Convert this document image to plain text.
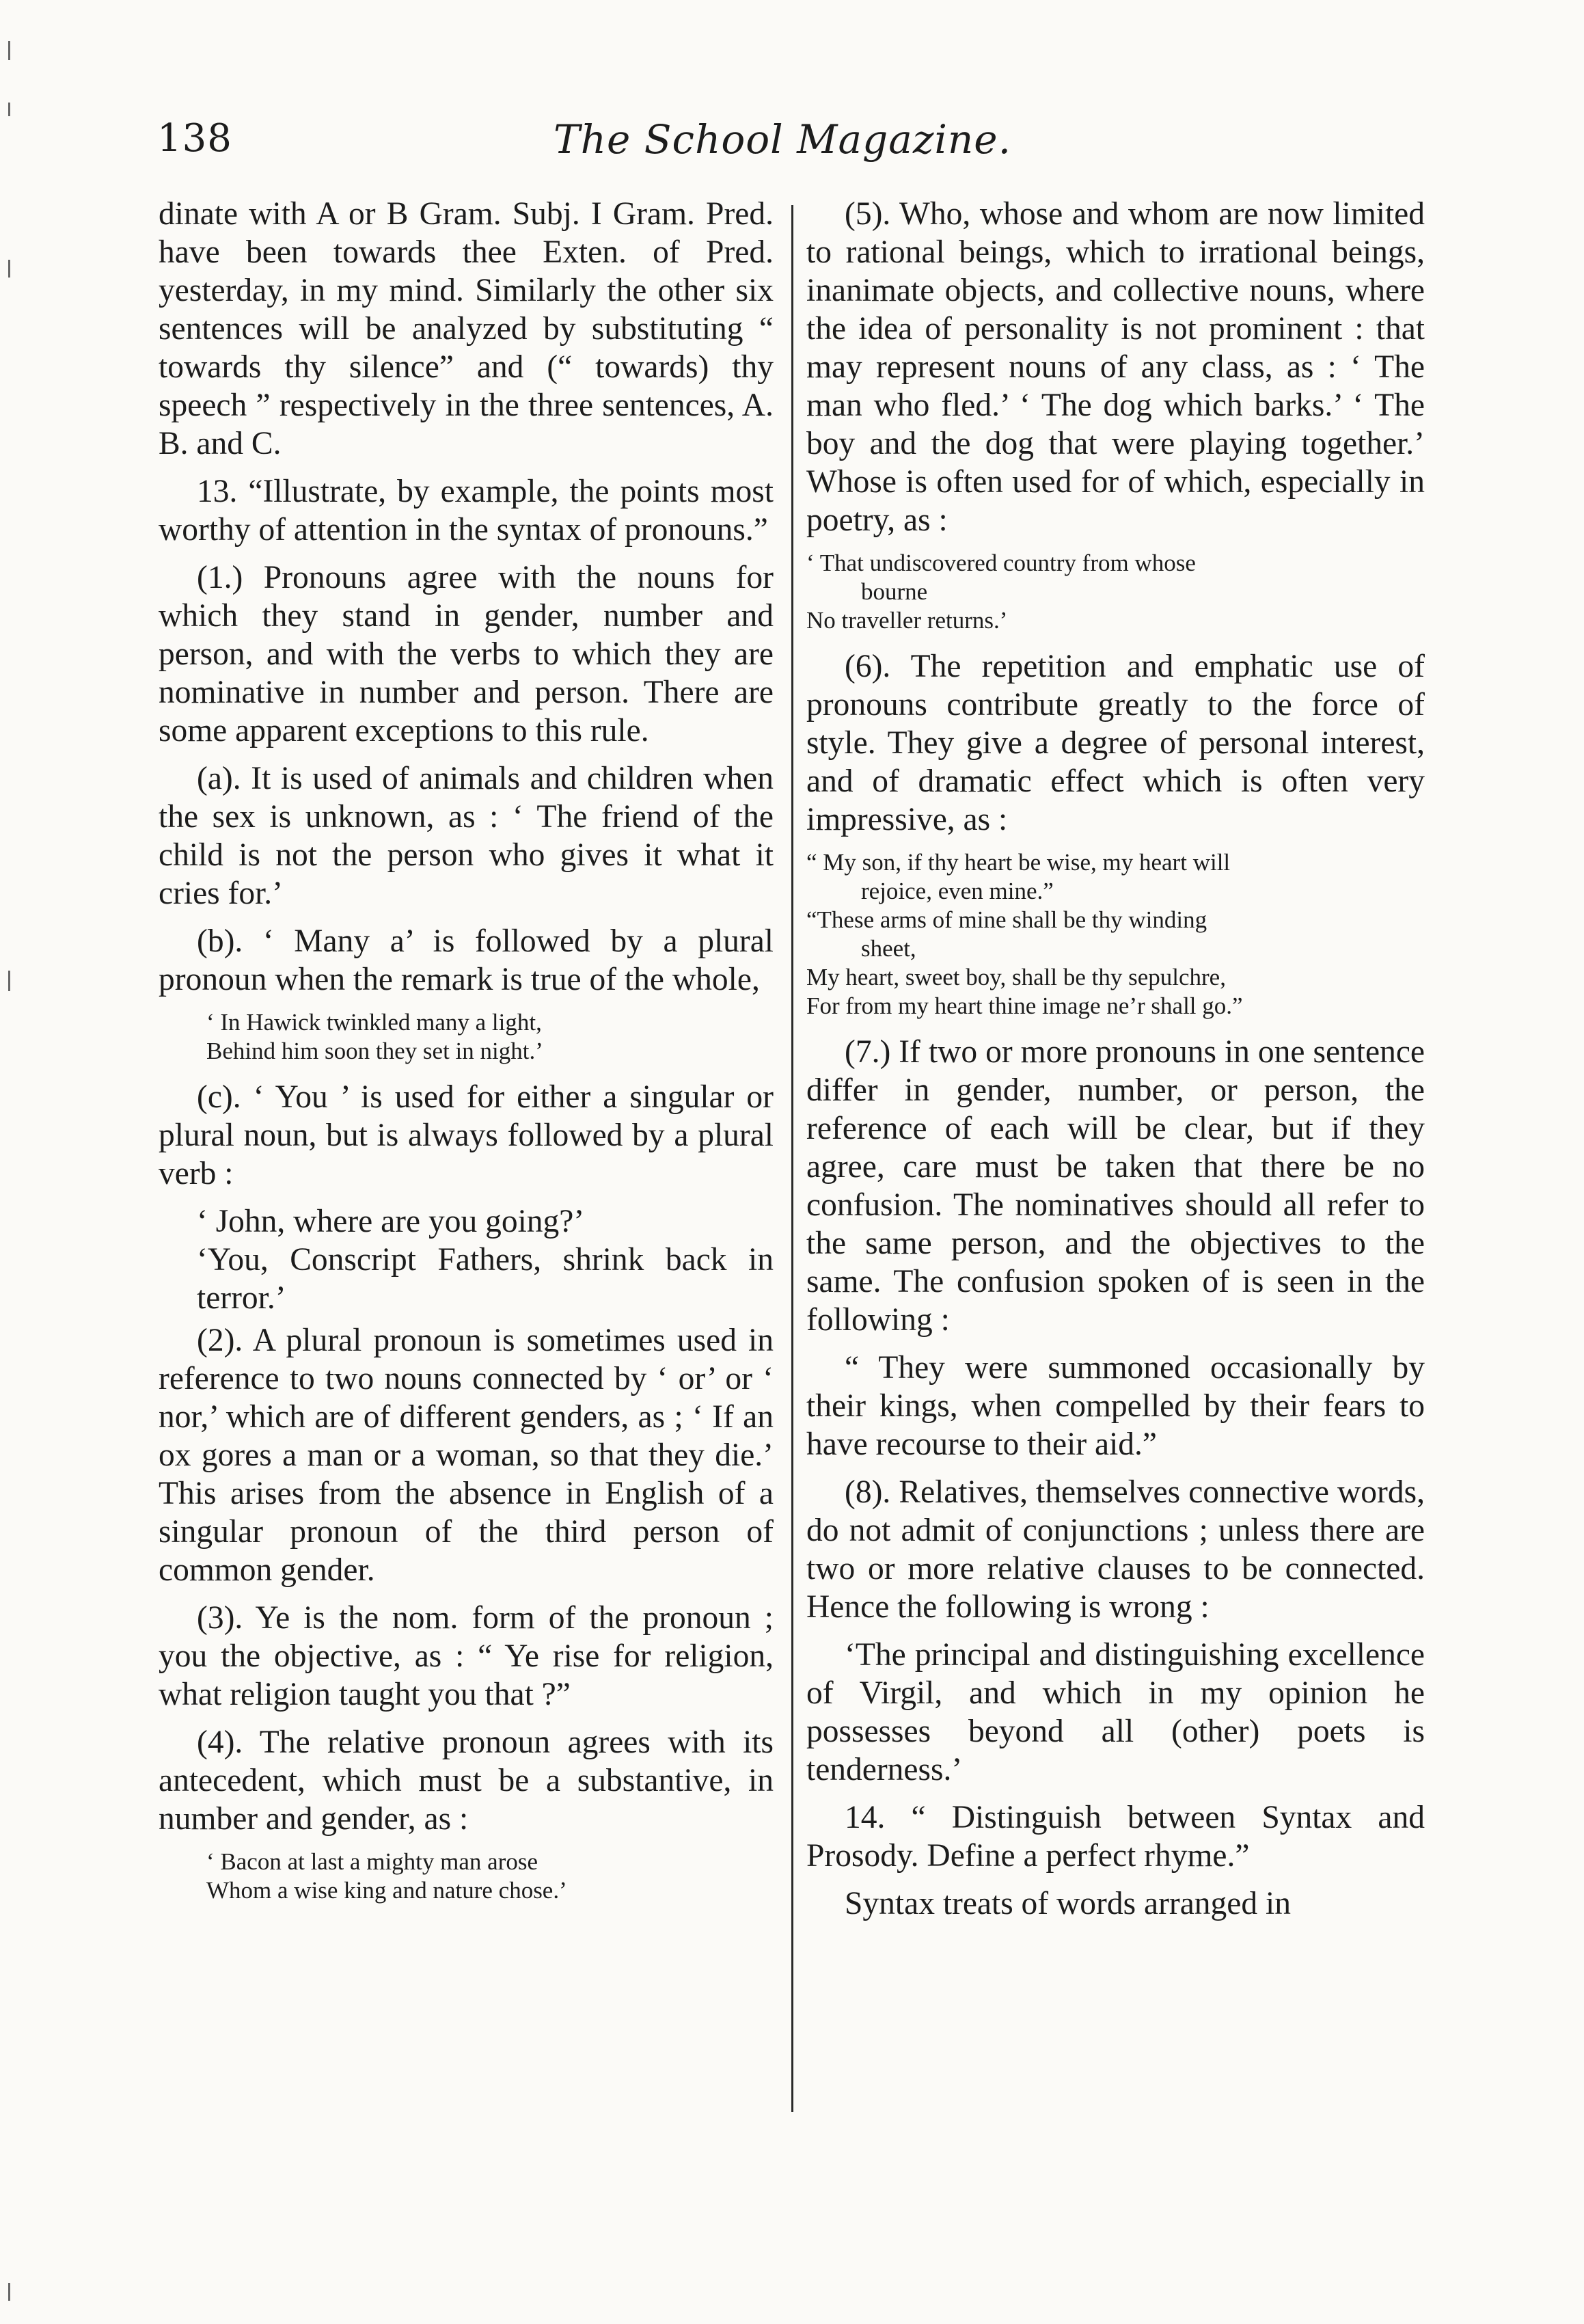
138	The School Magazine.

dinate with A or B Gram. Subj. I Gram. Pred. have been towards thee Exten. of Pred. yesterday, in my mind. Similarly the other six sentences will be analyzed by substituting “ towards thy silence” and (“ towards) thy speech ” respectively in the three sentences, A. B. and C.

13. “Illustrate, by example, the points most worthy of attention in the syntax of pronouns.”

(1.) Pronouns agree with the nouns for which they stand in gender, number and person, and with the verbs to which they are nominative in number and person. There are some apparent exceptions to this rule.

(a). It is used of animals and children when the sex is unknown, as : ‘ The friend of the child is not the person who gives it what it cries for.’

(b). ‘ Many a’ is followed by a plural pronoun when the remark is true of the whole,

‘ In Hawick twinkled many a light,
Behind him soon they set in night.’

(c). ‘ You ’ is used for either a singular or plural noun, but is always followed by a plural verb :

‘ John, where are you going?’
‘You, Conscript Fathers, shrink back in terror.’

(2). A plural pronoun is sometimes used in reference to two nouns connected by ‘ or’ or ‘ nor,’ which are of different genders, as ; ‘ If an ox gores a man or a woman, so that they die.’ This arises from the absence in English of a singular pronoun of the third person of common gender.

(3). Ye is the nom. form of the pronoun ; you the objective, as : “ Ye rise for religion, what religion taught you that ?”

(4). The relative pronoun agrees with its antecedent, which must be a substantive, in number and gender, as :

‘ Bacon at last a mighty man arose
Whom a wise king and nature chose.’

(5). Who, whose and whom are now limited to rational beings, which to irrational beings, inanimate objects, and collective nouns, where the idea of personality is not prominent : that may represent nouns of any class, as : ‘ The man who fled.’ ‘ The dog which barks.’ ‘ The boy and the dog that were playing together.’ Whose is often used for of which, especially in poetry, as :

‘ That undiscovered country from whose
bourne
No traveller returns.’

(6). The repetition and emphatic use of pronouns contribute greatly to the force of style. They give a degree of personal interest, and of dramatic effect which is often very impressive, as :

“ My son, if thy heart be wise, my heart will
rejoice, even mine.”
“These arms of mine shall be thy winding
sheet,
My heart, sweet boy, shall be thy sepulchre,
For from my heart thine image ne’r shall go.”

(7.) If two or more pronouns in one sentence differ in gender, number, or person, the reference of each will be clear, but if they agree, care must be taken that there be no confusion. The nominatives should all refer to the same person, and the objectives to the same. The confusion spoken of is seen in the following :

“ They were summoned occasionally by their kings, when compelled by their fears to have recourse to their aid.”

(8). Relatives, themselves connective words, do not admit of conjunctions ; unless there are two or more relative clauses to be connected. Hence the following is wrong :

‘The principal and distinguishing excellence of Virgil, and which in my opinion he possesses beyond all (other) poets is tenderness.’

14. “ Distinguish between Syntax and Prosody. Define a perfect rhyme.”

Syntax treats of words arranged in
